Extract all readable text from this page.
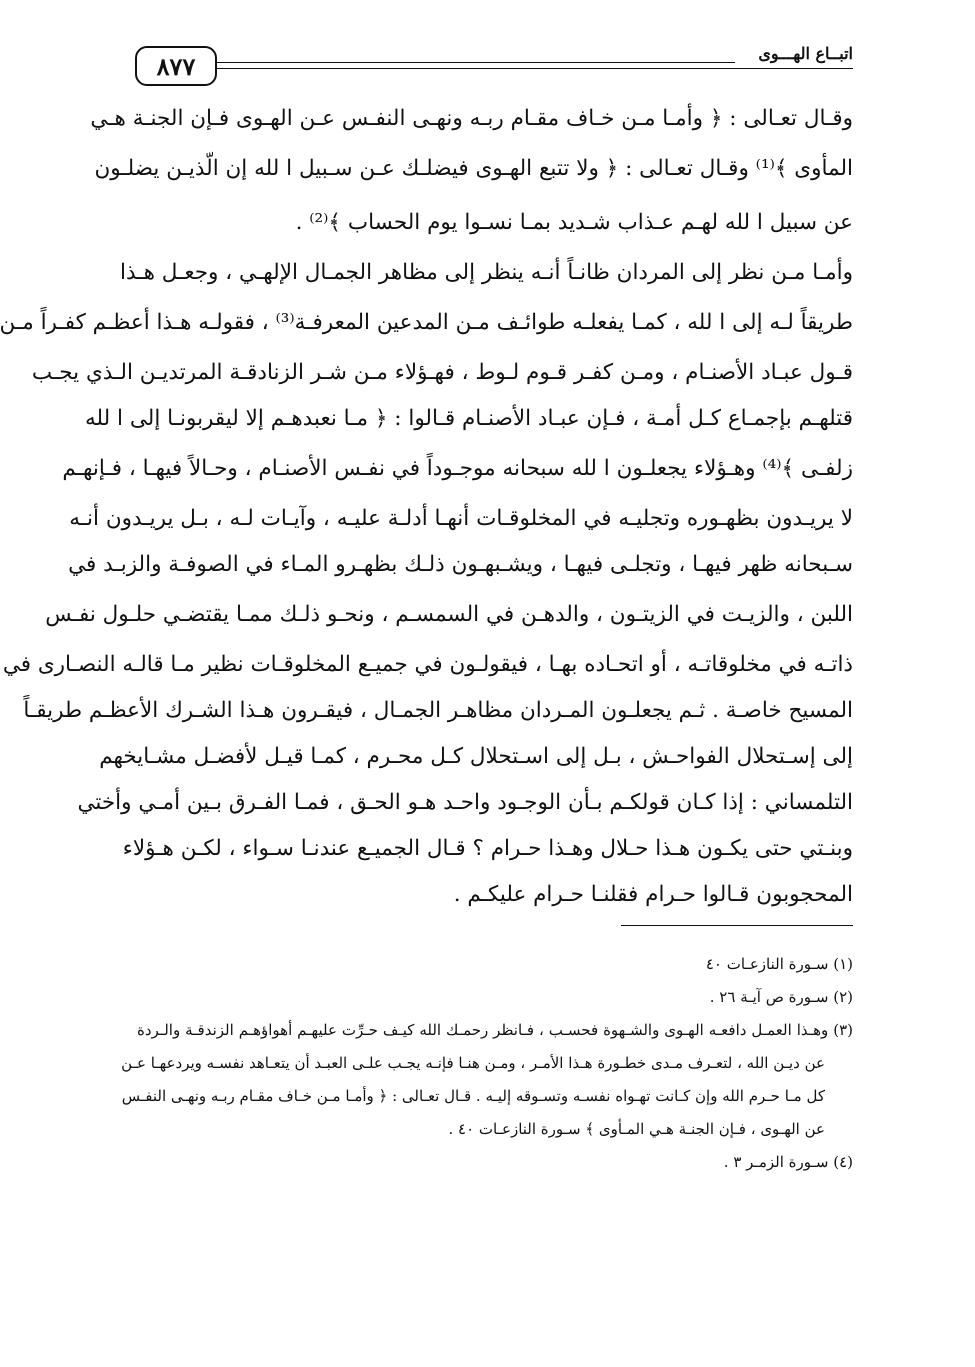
٨٧٧	اتبــاع الهـــوى
وقـال تعـالى : ﴿ وأمـا مـن خـاف مقـام ربـه ونهـى النفـس عـن الهـوى فـإن الجنـة هـي
المأوى ﴾⁽¹⁾ وقـال تعـالى : ﴿ ولا تتبع الهـوى فيضلـك عـن سـبيل ا لله إن الّذيـن يضلـون
عن سبيل ا لله لهـم عـذاب شـديد بمـا نسـوا يوم الحساب ﴾⁽²⁾ .
وأمـا مـن نظر إلى المردان ظانـاً أنـه ينظر إلى مظاهر الجمـال الإلهـي ، وجعـل هـذا
طريقاً لـه إلى ا لله ، كمـا يفعلـه طوائـف مـن المدعين المعرفـة⁽³⁾ ، فقولـه هـذا أعظـم كفـراً مـن
قـول عبـاد الأصنـام ، ومـن كفـر قـوم لـوط ، فهـؤلاء مـن شـر الزنادقـة المرتديـن الـذي يجـب
قتلهـم بإجمـاع كـل أمـة ، فـإن عبـاد الأصنـام قـالوا : ﴿ مـا نعبدهـم إلا ليقربونـا إلى ا لله
زلفـى ﴾⁽⁴⁾ وهـؤلاء يجعلـون ا لله سبحانه موجـوداً في نفـس الأصنـام ، وحـالاً فيهـا ، فـإنهـم
لا يريـدون بظهـوره وتجليـه في المخلوقـات أنهـا أدلـة عليـه ، وآيـات لـه ، بـل يريـدون أنـه
سـبحانه ظهر فيهـا ، وتجلـى فيهـا ، ويشـبهـون ذلـك بظهـرو المـاء في الصوفـة والزبـد في
اللبن ، والزيـت في الزيتـون ، والدهـن في السمسـم ، ونحـو ذلـك ممـا يقتضـي حلـول نفـس
ذاتـه في مخلوقاتـه ، أو اتحـاده بهـا ، فيقولـون في جميـع المخلوقـات نظير مـا قالـه النصـارى في
المسيح خاصـة . ثـم يجعلـون المـردان مظاهـر الجمـال ، فيقـرون هـذا الشـرك الأعظـم طريقـاً
إلى إسـتحلال الفواحـش ، بـل إلى اسـتحلال كـل محـرم ، كمـا قيـل لأفضـل مشـايخهم
التلمساني : إذا كـان قولكـم بـأن الوجـود واحـد هـو الحـق ، فمـا الفـرق بـين أمـي وأختي
وبنـتي حتى يكـون هـذا حـلال وهـذا حـرام ؟ قـال الجميـع عندنـا سـواء ، لكـن هـؤلاء
المحجوبون قـالوا حـرام فقلنـا حـرام عليكـم .
(١) سـورة النازعـات ٤٠
(٢) سـورة ص آيـة ٢٦ .
(٣) وهـذا العمـل دافعـه الهـوى والشـهوة فحسـب ، فـانظر رحمـك الله كيـف حـرِّت عليهـم أهواؤهـم الزندقـة والـردة
عن ديـن الله ، لتعـرف مـدى خطـورة هـذا الأمـر ، ومـن هنـا فإنـه يجـب علـى العبـد أن يتعـاهد نفسـه ويردعهـا عـن
كل مـا حـرم الله وإن كـانت تهـواه نفسـه وتسـوقه إليـه . قـال تعـالى : ﴿ وأمـا مـن خـاف مقـام ربـه ونهـى النفـس
عن الهـوى ، فـإن الجنـة هـي المـأوى ﴾ سـورة النازعـات ٤٠ .
(٤) سـورة الزمـر ٣ .
